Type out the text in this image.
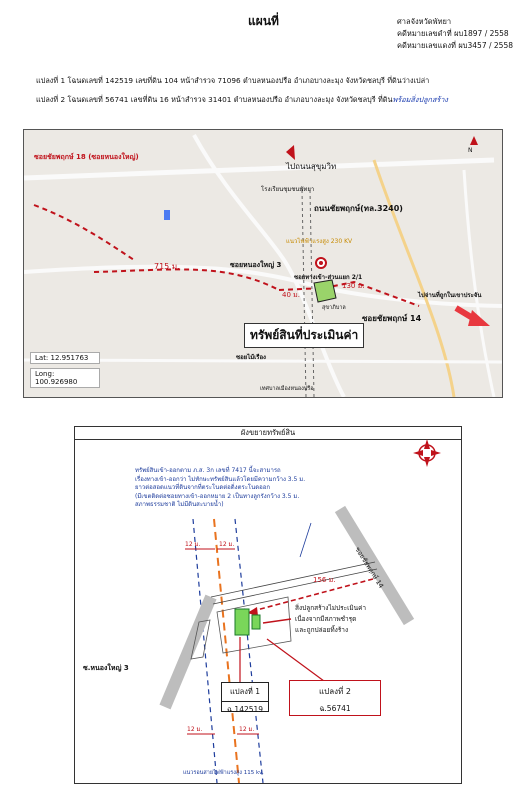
แผนที่	ศาลจังหวัดพัทยา
คดีหมายเลขดำที่ ผบ1897 / 2558
คดีหมายเลขแดงที่ ผบ3457 / 2558
แปลงที่ 1 โฉนดเลขที่ 142519 เลขที่ดิน 104 หน้าสำรวจ 71096 ตำบลหนองปรือ อำเภอบางละมุง จังหวัดชลบุรี ที่ดินว่างเปล่า
แปลงที่ 2 โฉนดเลขที่ 56741 เลขที่ดิน 16 หน้าสำรวจ 31401 ตำบลหนองปรือ อำเภอบางละมุง จังหวัดชลบุรี ที่ดินพร้อมสิ่งปลูกสร้าง
N
ซอยชัยพฤกษ์ 18 (ซอยหนองใหญ่)
ไปถนนสุขุมวิท
โรงเรียนชุมชนพัทยา
ถนนชัยพฤกษ์(ทล.3240)
แนวไฟฟ้าแรงสูง 230 KV
715 ม.	ซอยหนองใหญ่ 3
ซอยทางเข้า-ส่วนแยก 2/1
40 ม.
130 ม.
ไปจ่านที่ถูกในเขาประจัน
ซอยชัยพฤกษ์ 14
สุขาภิบาล
ทรัพย์สินที่ประเมินค่า
ซอยไม้เรือง
เทศบาลเมืองหนองปรือ
Lat: 12.951763
Long: 100.926980
ผังขยายทรัพย์สิน
ทรัพย์สินเข้า-ออกตาม ภ.ส. 3ก เลขที่ 7417 นี้จะสามารถ
เรื่องทางเข้า-ออกว่า ไม่ทักษะทรัพย์สินแล้วโดยมีความกว้าง 3.5 ม.
ยาวต่อสอดแนวที่ดินจากที่ตระโนดต่อดิ่งตระโนดออก
(มีเขตติดต่อซอยทางเข้า-ออกหมาย 2 เป็นทางลูกรังกว้าง 3.5 ม.
สภาพธรรมชาติ ไม่มีดินสะบายน้ำ)
12 ม.	12 ม.
156 ม.	ซอยชัยพฤกษ์ 14
สิ่งปลูกสร้างไม่ประเมินค่า
เนื่องจากมีสภาพชำรุด
และถูกปล่อยทิ้งร้าง
ซ.หนองใหญ่ 3
แปลงที่ 1
ฉ.142519
แปลงที่ 2
ฉ.56741
12 ม.	12 ม.
แนวรอนสายไฟฟ้าแรงสูง 115 kv.
